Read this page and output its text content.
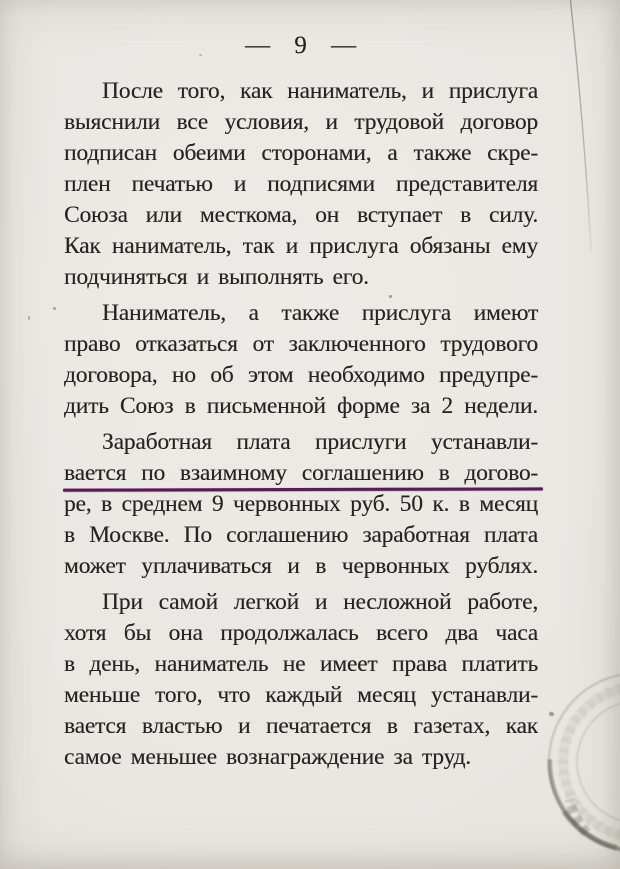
— 9 —
После того, как наниматель, и прислуга
выяснили все условия, и трудовой договор
подписан обеими сторонами, а также скре-
плен печатью и подписями представителя
Союза или месткома, он вступает в силу.
Как наниматель, так и прислуга обязаны ему
подчиняться и выполнять его.
Наниматель, а также прислуга имеют
право отказаться от заключенного трудового
договора, но об этом необходимо предупре-
дить Союз в письменной форме за 2 недели.
Заработная плата прислуги устанавли-
вается по взаимному соглашению в догово-
ре, в среднем 9 червонных руб. 50 к. в месяц
в Москве. По соглашению заработная плата
может уплачиваться и в червонных рублях.
При самой легкой и несложной работе,
хотя бы она продолжалась всего два часа
в день, наниматель не имеет права платить
меньше того, что каждый месяц устанавли-
вается властью и печатается в газетах, как
самое меньшее вознаграждение за труд.
